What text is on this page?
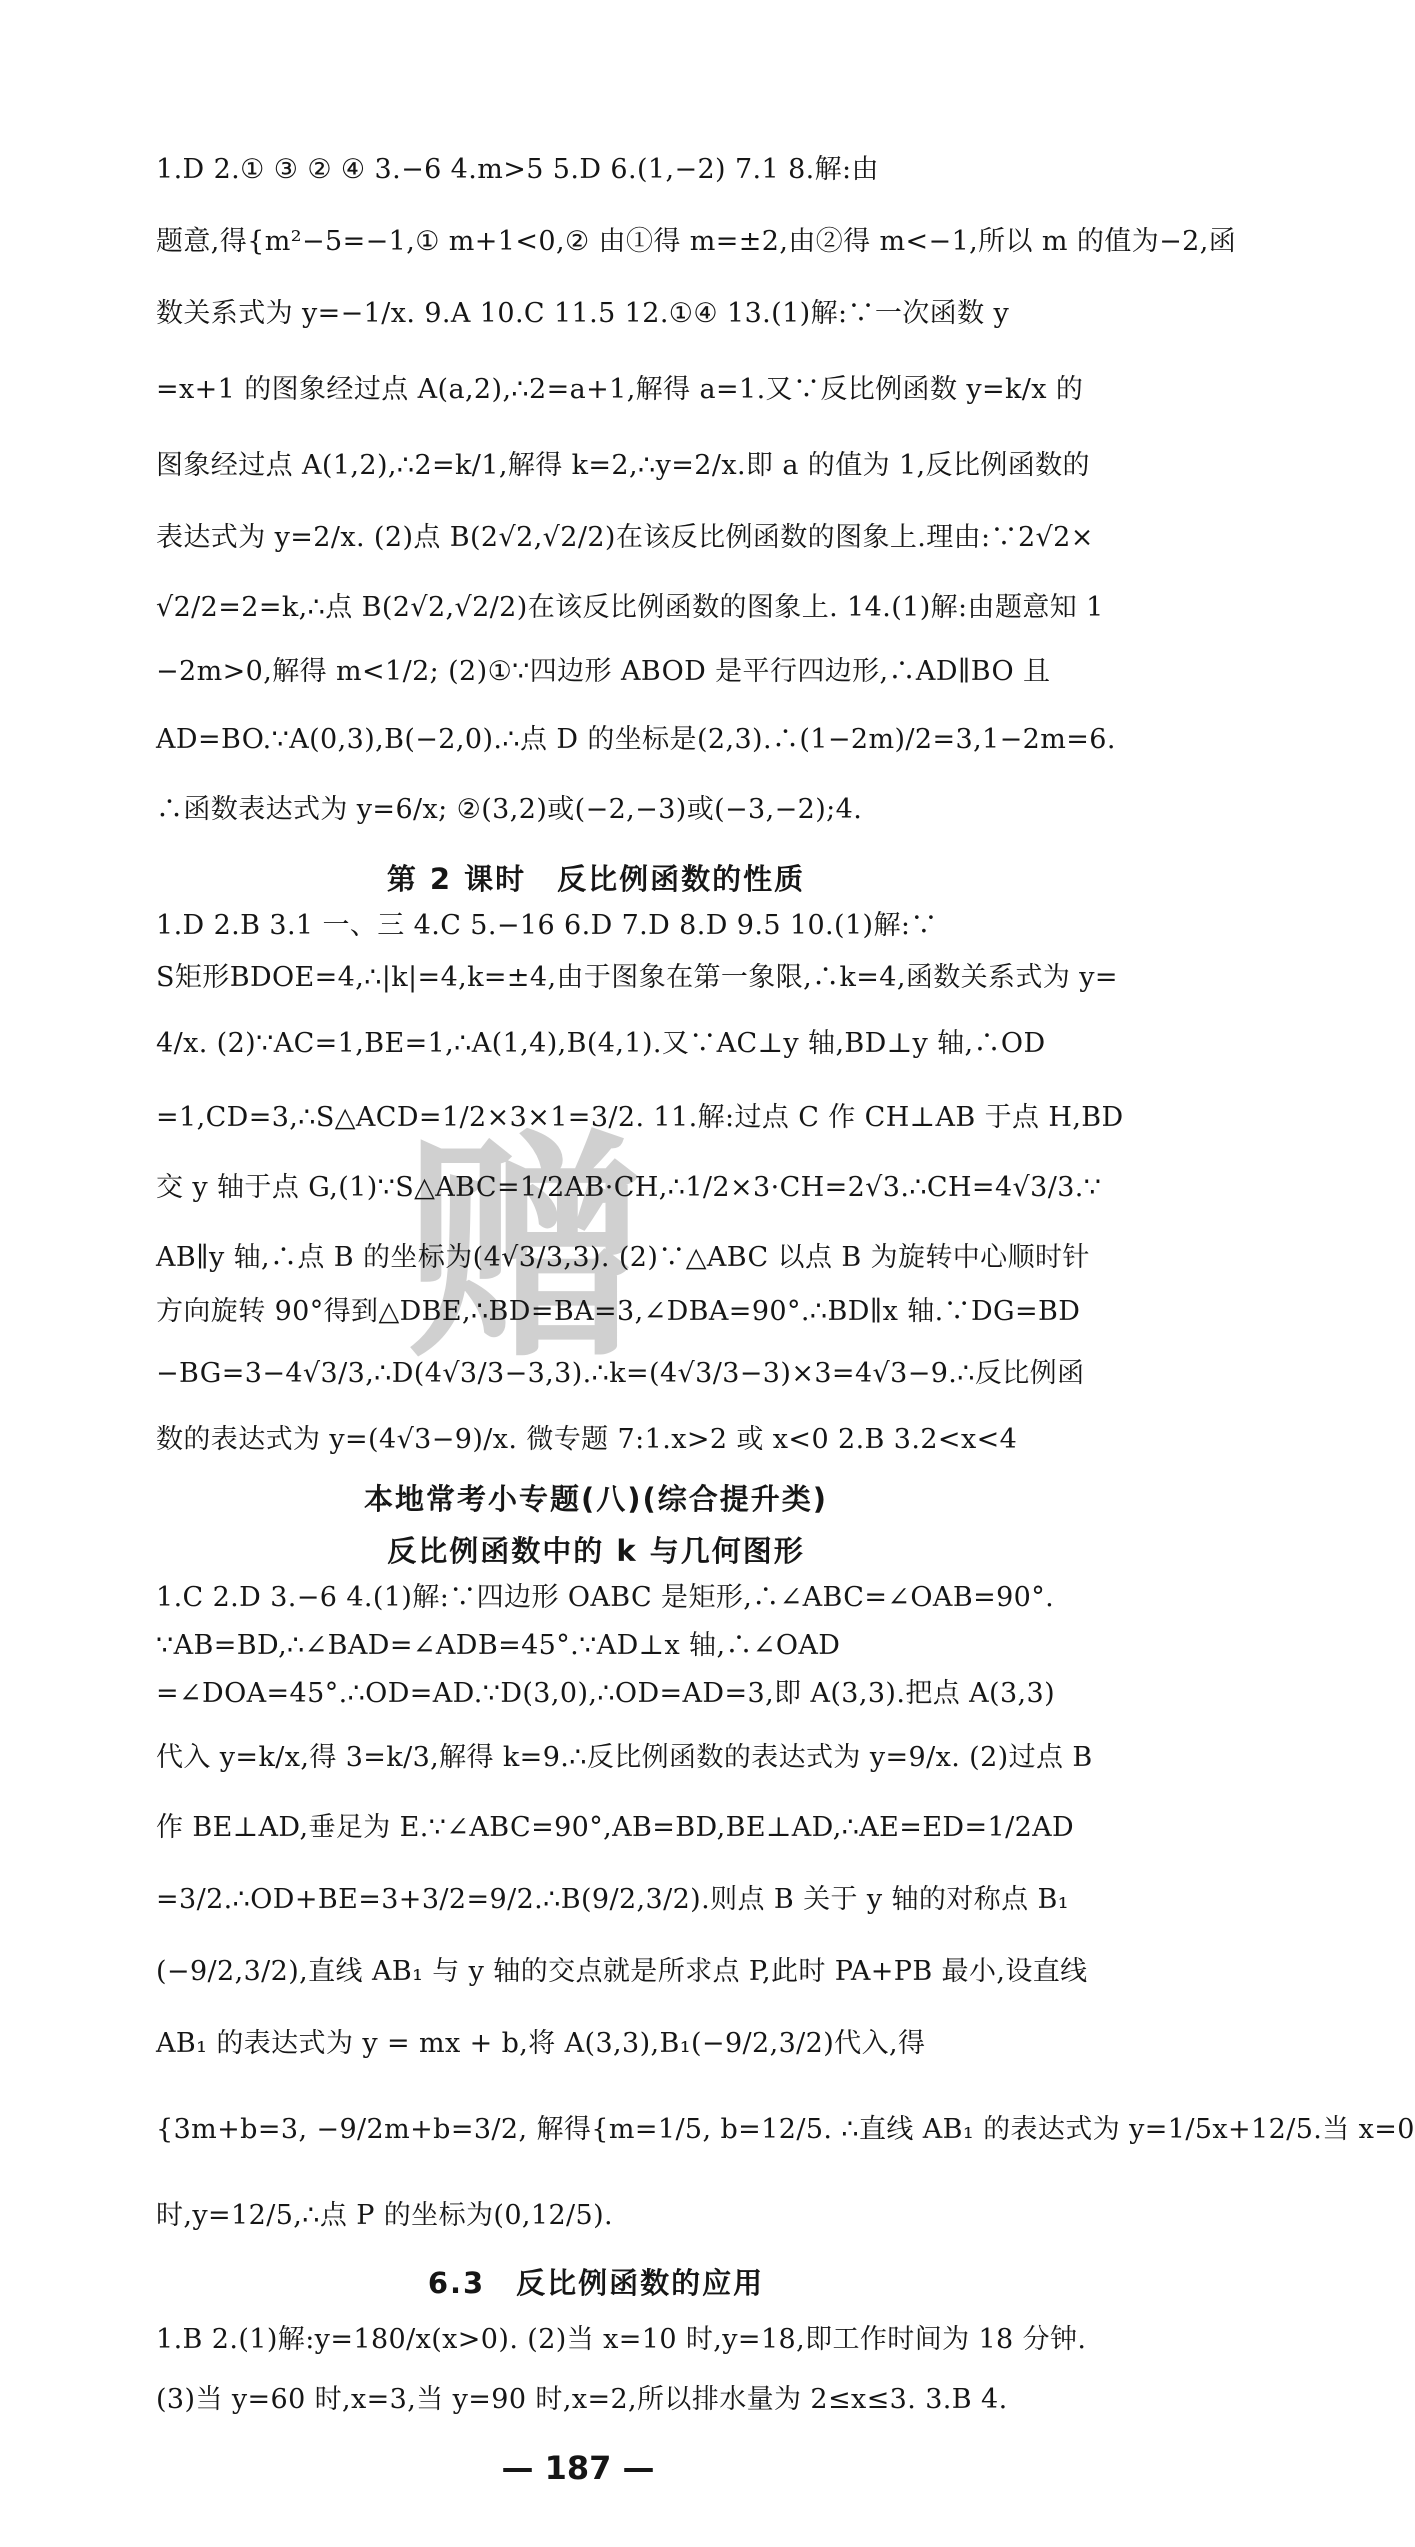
赠
1.D 2.① ③ ② ④ 3.−6 4.m>5 5.D 6.(1,−2) 7.1 8.解:由
题意,得{m²−5=−1,① m+1<0,② 由①得 m=±2,由②得 m<−1,所以 m 的值为−2,函
数关系式为 y=−1/x. 9.A 10.C 11.5 12.①④ 13.(1)解:∵一次函数 y
=x+1 的图象经过点 A(a,2),∴2=a+1,解得 a=1.又∵反比例函数 y=k/x 的
图象经过点 A(1,2),∴2=k/1,解得 k=2,∴y=2/x.即 a 的值为 1,反比例函数的
表达式为 y=2/x. (2)点 B(2√2,√2/2)在该反比例函数的图象上.理由:∵2√2×
√2/2=2=k,∴点 B(2√2,√2/2)在该反比例函数的图象上. 14.(1)解:由题意知 1
−2m>0,解得 m<1/2; (2)①∵四边形 ABOD 是平行四边形,∴AD∥BO 且
AD=BO.∵A(0,3),B(−2,0).∴点 D 的坐标是(2,3).∴(1−2m)/2=3,1−2m=6.
∴函数表达式为 y=6/x; ②(3,2)或(−2,−3)或(−3,−2);4.
第 2 课时　反比例函数的性质
1.D 2.B 3.1 一、三 4.C 5.−16 6.D 7.D 8.D 9.5 10.(1)解:∵
S矩形BDOE=4,∴|k|=4,k=±4,由于图象在第一象限,∴k=4,函数关系式为 y=
4/x. (2)∵AC=1,BE=1,∴A(1,4),B(4,1).又∵AC⊥y 轴,BD⊥y 轴,∴OD
=1,CD=3,∴S△ACD=1/2×3×1=3/2. 11.解:过点 C 作 CH⊥AB 于点 H,BD
交 y 轴于点 G,(1)∵S△ABC=1/2AB·CH,∴1/2×3·CH=2√3.∴CH=4√3/3.∵
AB∥y 轴,∴点 B 的坐标为(4√3/3,3). (2)∵△ABC 以点 B 为旋转中心顺时针
方向旋转 90°得到△DBE,∴BD=BA=3,∠DBA=90°.∴BD∥x 轴.∵DG=BD
−BG=3−4√3/3,∴D(4√3/3−3,3).∴k=(4√3/3−3)×3=4√3−9.∴反比例函
数的表达式为 y=(4√3−9)/x. 微专题 7:1.x>2 或 x<0 2.B 3.2<x<4
本地常考小专题(八)(综合提升类)
反比例函数中的 k 与几何图形
1.C 2.D 3.−6 4.(1)解:∵四边形 OABC 是矩形,∴∠ABC=∠OAB=90°.
∵AB=BD,∴∠BAD=∠ADB=45°.∵AD⊥x 轴,∴∠OAD
=∠DOA=45°.∴OD=AD.∵D(3,0),∴OD=AD=3,即 A(3,3).把点 A(3,3)
代入 y=k/x,得 3=k/3,解得 k=9.∴反比例函数的表达式为 y=9/x. (2)过点 B
作 BE⊥AD,垂足为 E.∵∠ABC=90°,AB=BD,BE⊥AD,∴AE=ED=1/2AD
=3/2.∴OD+BE=3+3/2=9/2.∴B(9/2,3/2).则点 B 关于 y 轴的对称点 B₁
(−9/2,3/2),直线 AB₁ 与 y 轴的交点就是所求点 P,此时 PA+PB 最小,设直线
AB₁ 的表达式为 y = mx + b,将 A(3,3),B₁(−9/2,3/2)代入,得
{3m+b=3, −9/2m+b=3/2, 解得{m=1/5, b=12/5. ∴直线 AB₁ 的表达式为 y=1/5x+12/5.当 x=0
时,y=12/5,∴点 P 的坐标为(0,12/5).
6.3　反比例函数的应用
1.B 2.(1)解:y=180/x(x>0). (2)当 x=10 时,y=18,即工作时间为 18 分钟.
(3)当 y=60 时,x=3,当 y=90 时,x=2,所以排水量为 2≤x≤3. 3.B 4.
— 187 —
